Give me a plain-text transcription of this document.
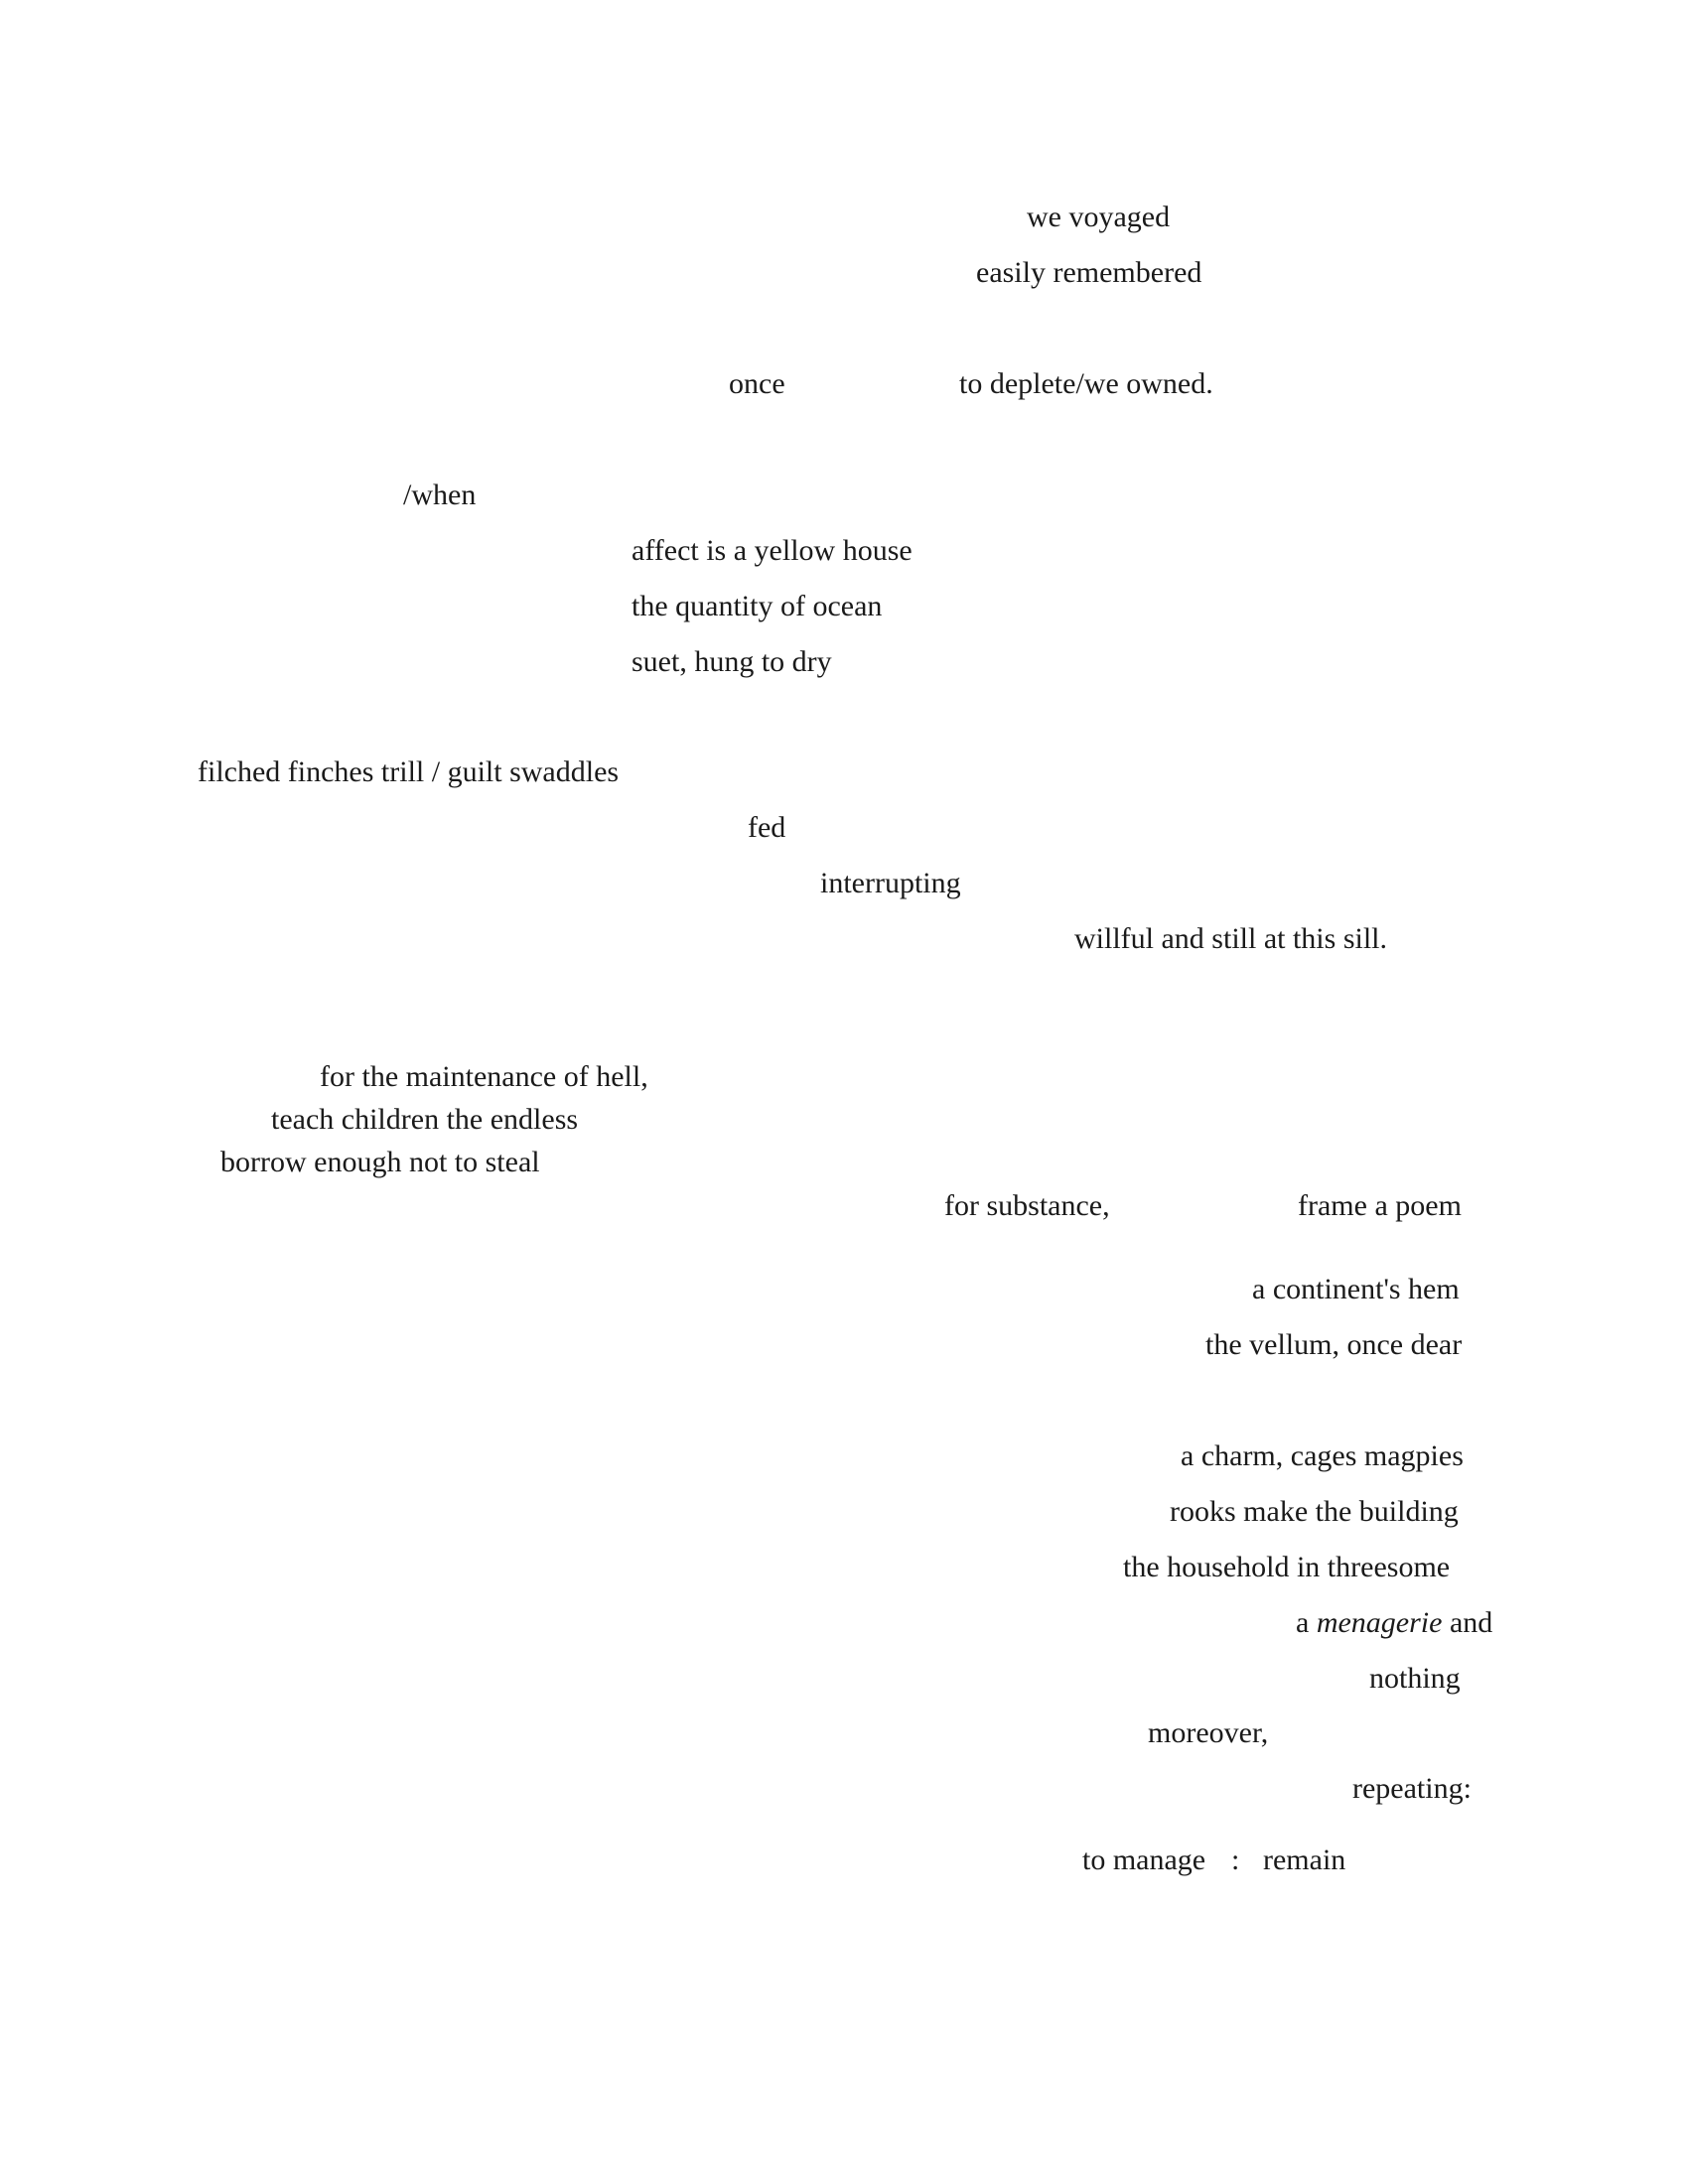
we voyaged

easily remembered

once	to deplete/we owned.

/when

affect is a yellow house

the quantity of ocean

suet, hung to dry

filched finches trill / guilt swaddles

fed

interrupting

willful and still at this sill.

for the maintenance of hell,

teach children the endless

borrow enough not to steal

for substance,	frame a poem

a continent's hem

the vellum, once dear

a charm, cages magpies

rooks make the building

the household in threesome

a menagerie and

nothing

moreover,

repeating:

to manage : remain
